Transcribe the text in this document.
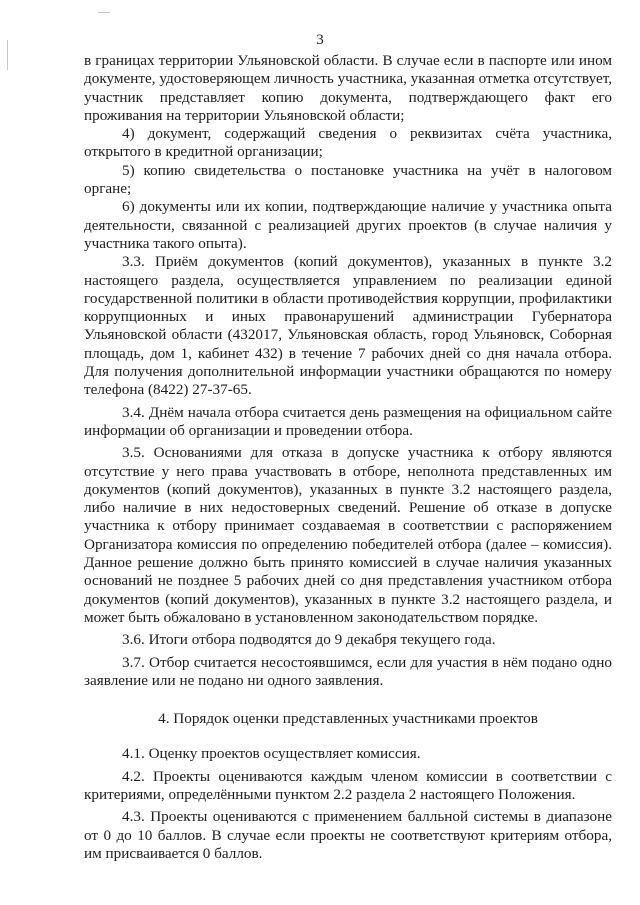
3

в границах территории Ульяновской области. В случае если в паспорте или ином документе, удостоверяющем личность участника, указанная отметка отсутствует, участник представляет копию документа, подтверждающего факт его проживания на территории Ульяновской области;

4) документ, содержащий сведения о реквизитах счёта участника, открытого в кредитной организации;

5) копию свидетельства о постановке участника на учёт в налоговом органе;

6) документы или их копии, подтверждающие наличие у участника опыта деятельности, связанной с реализацией других проектов (в случае наличия у участника такого опыта).

3.3. Приём документов (копий документов), указанных в пункте 3.2 настоящего раздела, осуществляется управлением по реализации единой государственной политики в области противодействия коррупции, профилактики коррупционных и иных правонарушений администрации Губернатора Ульяновской области (432017, Ульяновская область, город Ульяновск, Соборная площадь, дом 1, кабинет 432) в течение 7 рабочих дней со дня начала отбора. Для получения дополнительной информации участники обращаются по номеру телефона (8422) 27-37-65.

3.4. Днём начала отбора считается день размещения на официальном сайте информации об организации и проведении отбора.

3.5. Основаниями для отказа в допуске участника к отбору являются отсутствие у него права участвовать в отборе, неполнота представленных им документов (копий документов), указанных в пункте 3.2 настоящего раздела, либо наличие в них недостоверных сведений. Решение об отказе в допуске участника к отбору принимает создаваемая в соответствии с распоряжением Организатора комиссия по определению победителей отбора (далее – комиссия). Данное решение должно быть принято комиссией в случае наличия указанных оснований не позднее 5 рабочих дней со дня представления участником отбора документов (копий документов), указанных в пункте 3.2 настоящего раздела, и может быть обжаловано в установленном законодательством порядке.

3.6. Итоги отбора подводятся до 9 декабря текущего года.

3.7. Отбор считается несостоявшимся, если для участия в нём подано одно заявление или не подано ни одного заявления.

4. Порядок оценки представленных участниками проектов

4.1. Оценку проектов осуществляет комиссия.

4.2. Проекты оцениваются каждым членом комиссии в соответствии с критериями, определёнными пунктом 2.2 раздела 2 настоящего Положения.

4.3. Проекты оцениваются с применением балльной системы в диапазоне от 0 до 10 баллов. В случае если проекты не соответствуют критериям отбора, им присваивается 0 баллов.
